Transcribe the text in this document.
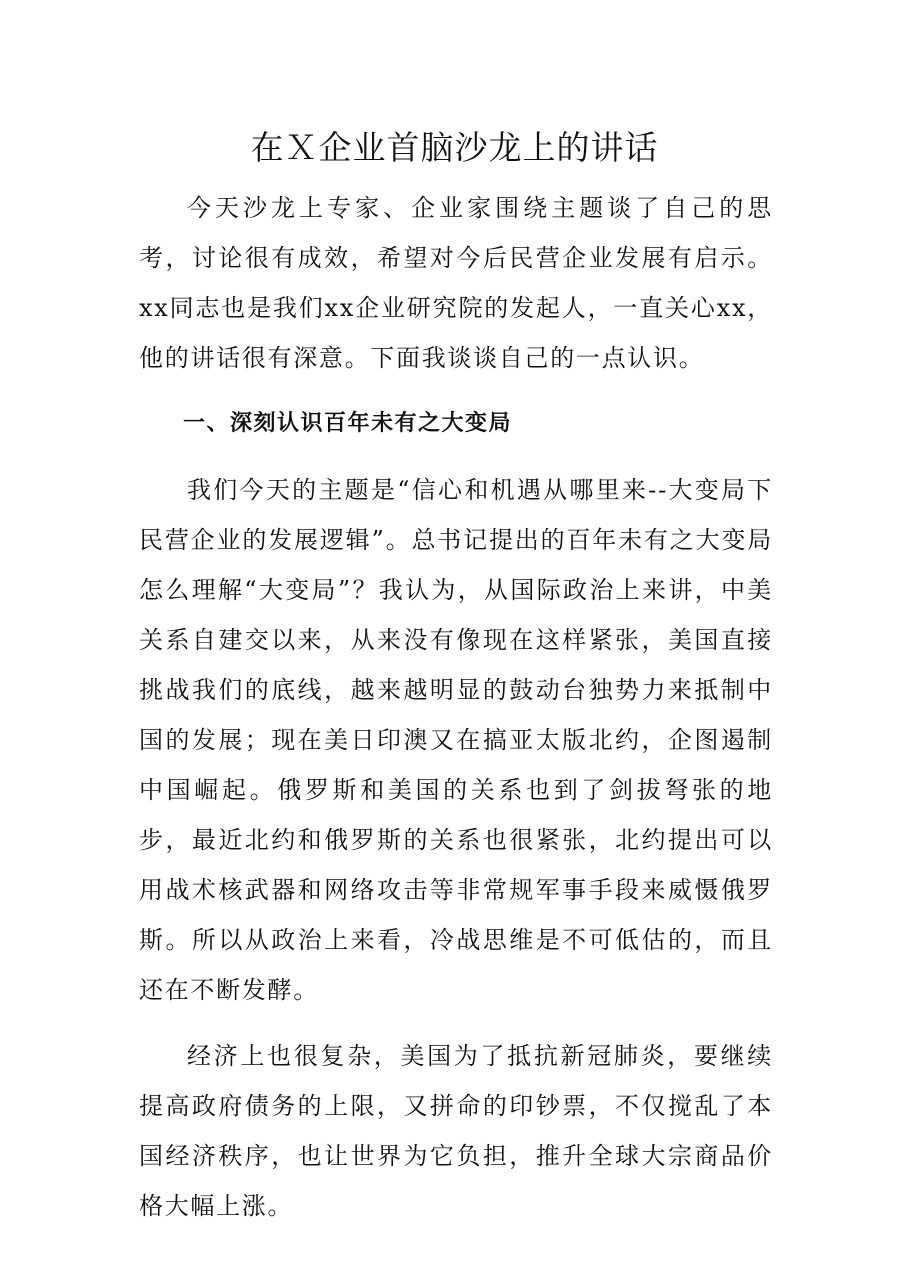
在Ｘ企业首脑沙龙上的讲话

今天沙龙上专家、企业家围绕主题谈了自己的思考，讨论很有成效，希望对今后民营企业发展有启示。xx同志也是我们xx企业研究院的发起人，一直关心xx，他的讲话很有深意。下面我谈谈自己的一点认识。

一、深刻认识百年未有之大变局

我们今天的主题是“信心和机遇从哪里来--大变局下民营企业的发展逻辑”。总书记提出的百年未有之大变局怎么理解“大变局”？我认为，从国际政治上来讲，中美关系自建交以来，从来没有像现在这样紧张，美国直接挑战我们的底线，越来越明显的鼓动台独势力来抵制中国的发展；现在美日印澳又在搞亚太版北约，企图遏制中国崛起。俄罗斯和美国的关系也到了剑拔弩张的地步，最近北约和俄罗斯的关系也很紧张，北约提出可以用战术核武器和网络攻击等非常规军事手段来威慑俄罗斯。所以从政治上来看，冷战思维是不可低估的，而且还在不断发酵。

经济上也很复杂，美国为了抵抗新冠肺炎，要继续提高政府债务的上限，又拼命的印钞票，不仅搅乱了本国经济秩序，也让世界为它负担，推升全球大宗商品价格大幅上涨。
